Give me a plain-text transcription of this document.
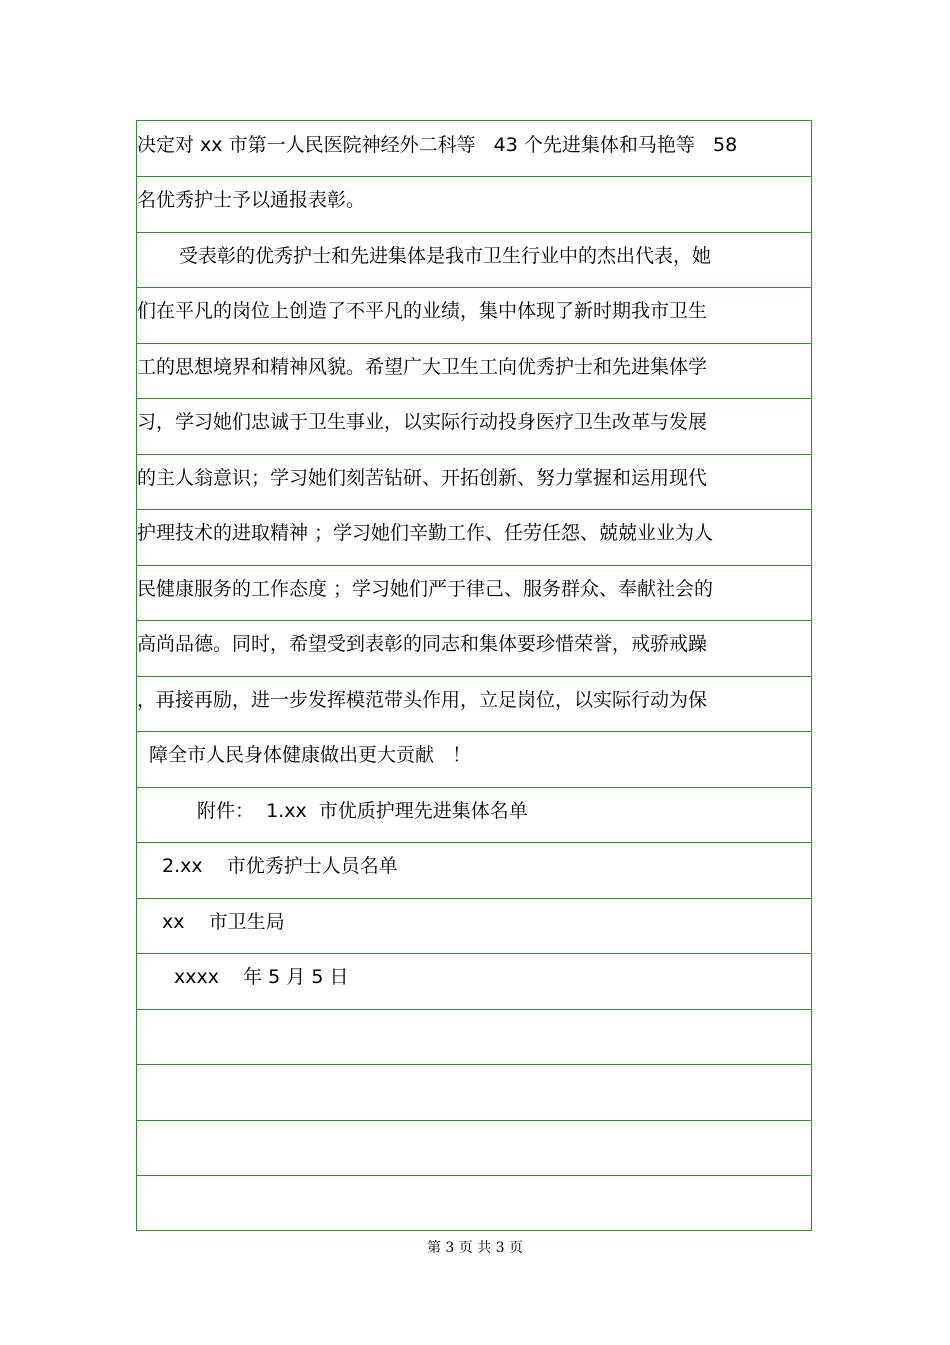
决定对 xx 市第一人民医院神经外二科等   43 个先进集体和马艳等   58
名优秀护士予以通报表彰。
受表彰的优秀护士和先进集体是我市卫生行业中的杰出代表，她
们在平凡的岗位上创造了不平凡的业绩，集中体现了新时期我市卫生
工的思想境界和精神风貌。希望广大卫生工向优秀护士和先进集体学
习，学习她们忠诚于卫生事业，以实际行动投身医疗卫生改革与发展
的主人翁意识；学习她们刻苦钻研、开拓创新、努力掌握和运用现代
护理技术的进取精神 ；学习她们辛勤工作、任劳任怨、兢兢业业为人
民健康服务的工作态度 ；学习她们严于律己、服务群众、奉献社会的
高尚品德。同时，希望受到表彰的同志和集体要珍惜荣誉，戒骄戒躁
，再接再励，进一步发挥模范带头作用，立足岗位，以实际行动为保
障全市人民身体健康做出更大贡献   ！
附件：  1.xx  市优质护理先进集体名单
2.xx    市优秀护士人员名单
xx    市卫生局
xxxx    年 5 月 5 日
第 3 页 共 3 页
